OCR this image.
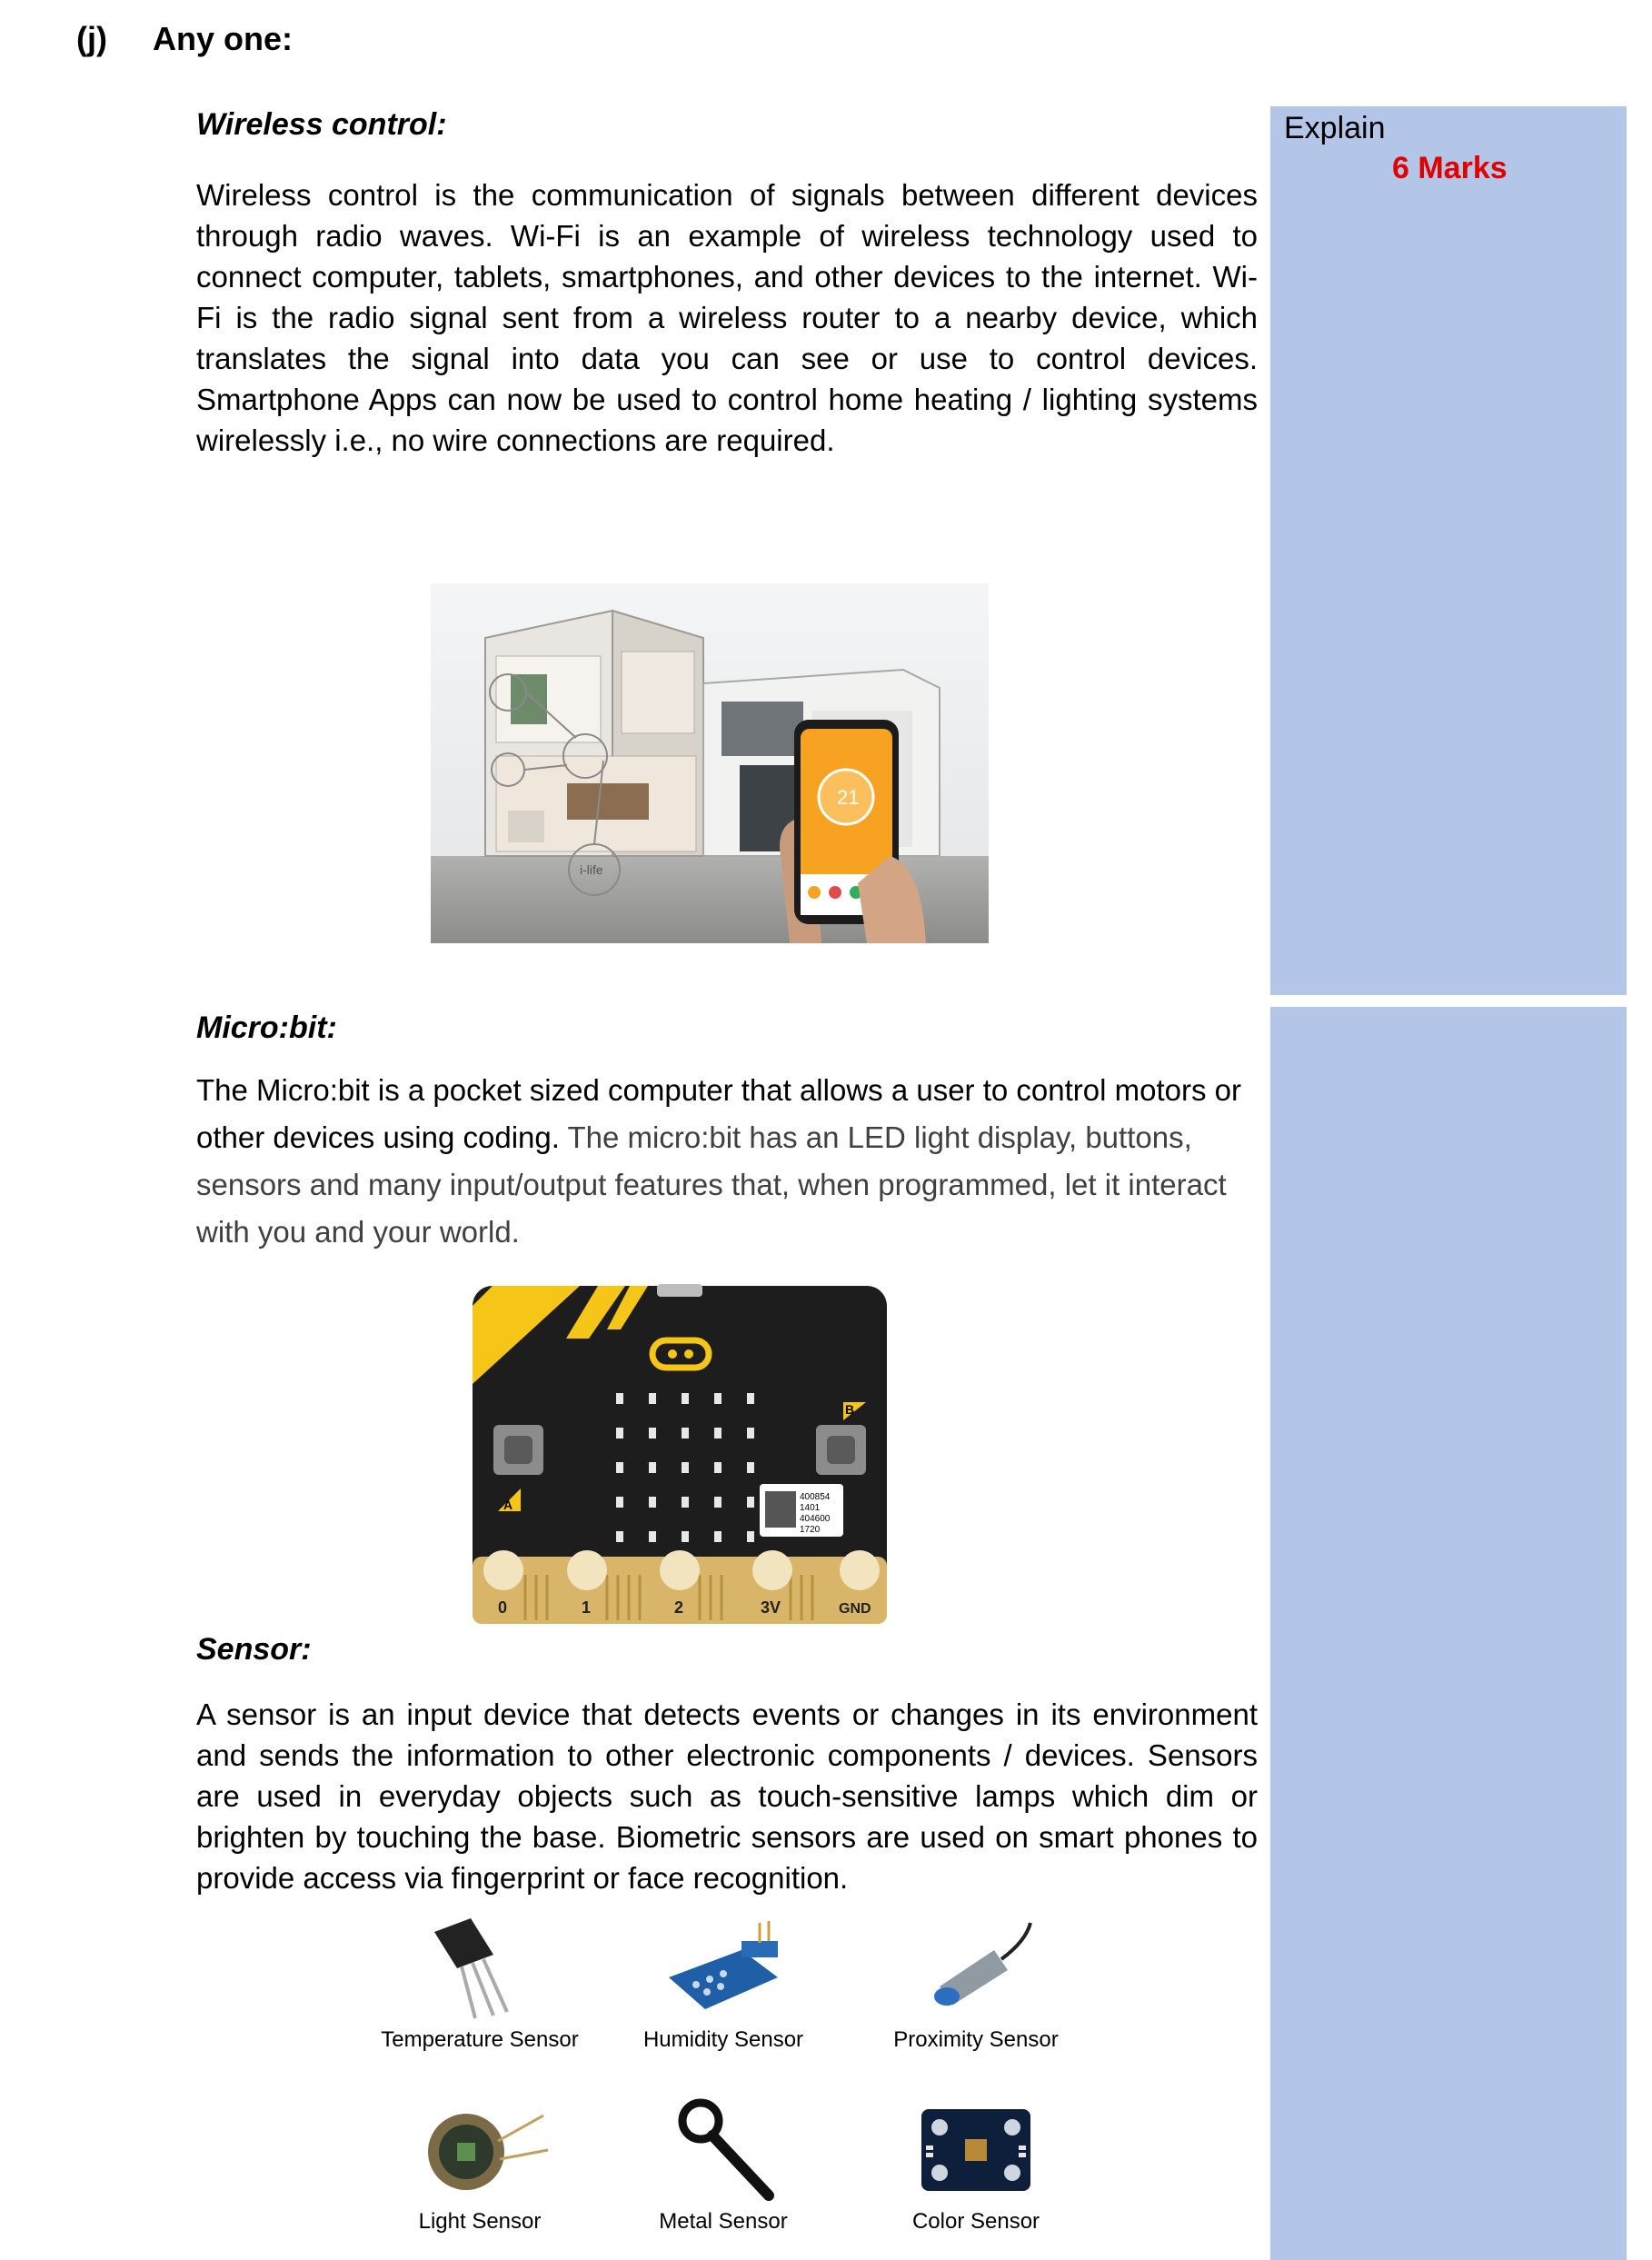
(j) Any one:
Explain
6 Marks
Wireless control:
Wireless control is the communication of signals between different devices through radio waves. Wi-Fi is an example of wireless technology used to connect computer, tablets, smartphones, and other devices to the internet. Wi-Fi is the radio signal sent from a wireless router to a nearby device, which translates the signal into data you can see or use to control devices. Smartphone Apps can now be used to control home heating / lighting systems wirelessly i.e., no wire connections are required.
i-life
21
Micro:bit:
The Micro:bit is a pocket sized computer that allows a user to control motors or other devices using coding. The micro:bit has an LED light display, buttons, sensors and many input/output features that, when programmed, let it interact with you and your world.
A
B
400854
1401
404600
1720
0	1	2	3V	GND
Sensor:
A sensor is an input device that detects events or changes in its environment and sends the information to other electronic components / devices. Sensors are used in everyday objects such as touch-sensitive lamps which dim or brighten by touching the base. Biometric sensors are used on smart phones to provide access via fingerprint or face recognition.
Temperature Sensor	Humidity Sensor	Proximity Sensor
Light Sensor	Metal Sensor	Color Sensor
